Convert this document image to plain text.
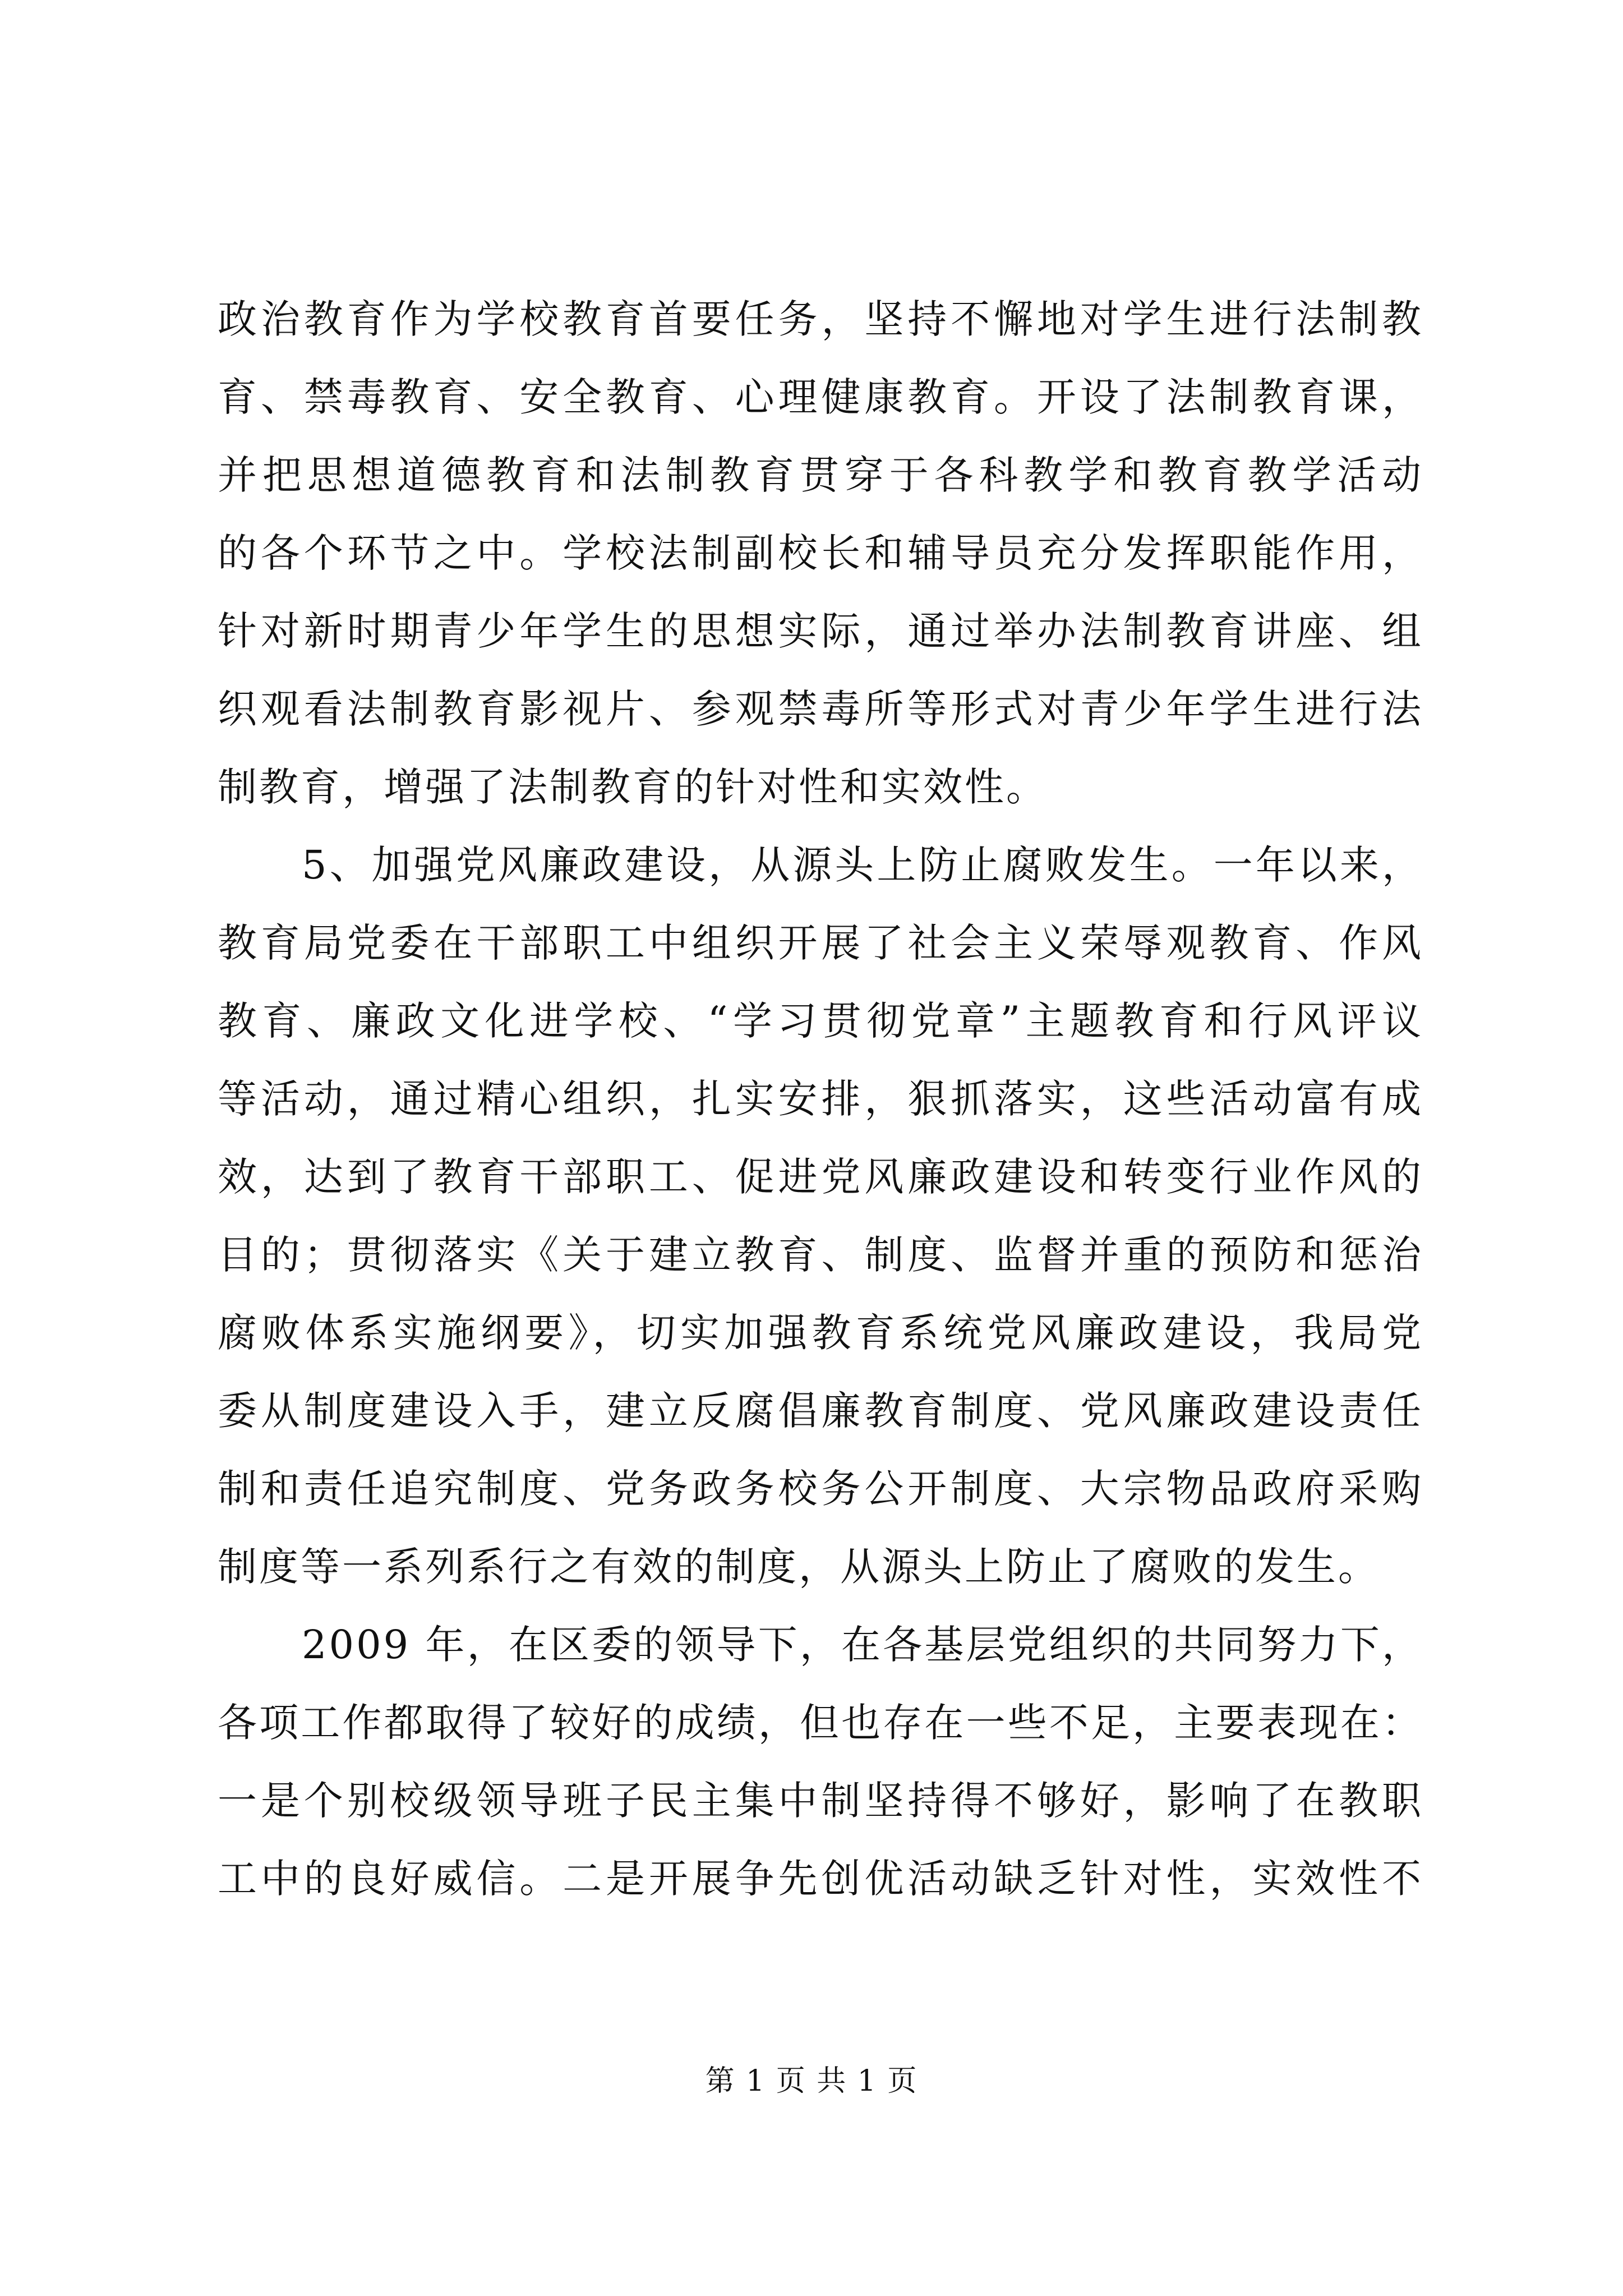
政治教育作为学校教育首要任务，坚持不懈地对学生进行法制教
育、禁毒教育、安全教育、心理健康教育。开设了法制教育课，
并把思想道德教育和法制教育贯穿于各科教学和教育教学活动
的各个环节之中。学校法制副校长和辅导员充分发挥职能作用，
针对新时期青少年学生的思想实际，通过举办法制教育讲座、组
织观看法制教育影视片、参观禁毒所等形式对青少年学生进行法
制教育，增强了法制教育的针对性和实效性。
5、加强党风廉政建设，从源头上防止腐败发生。一年以来，
教育局党委在干部职工中组织开展了社会主义荣辱观教育、作风
教育、廉政文化进学校、“学习贯彻党章”主题教育和行风评议
等活动，通过精心组织，扎实安排，狠抓落实，这些活动富有成
效，达到了教育干部职工、促进党风廉政建设和转变行业作风的
目的；贯彻落实《关于建立教育、制度、监督并重的预防和惩治
腐败体系实施纲要》，切实加强教育系统党风廉政建设，我局党
委从制度建设入手，建立反腐倡廉教育制度、党风廉政建设责任
制和责任追究制度、党务政务校务公开制度、大宗物品政府采购
制度等一系列系行之有效的制度，从源头上防止了腐败的发生。
2009 年，在区委的领导下，在各基层党组织的共同努力下，
各项工作都取得了较好的成绩，但也存在一些不足，主要表现在：
一是个别校级领导班子民主集中制坚持得不够好，影响了在教职
工中的良好威信。二是开展争先创优活动缺乏针对性，实效性不
第 1 页 共 1 页
